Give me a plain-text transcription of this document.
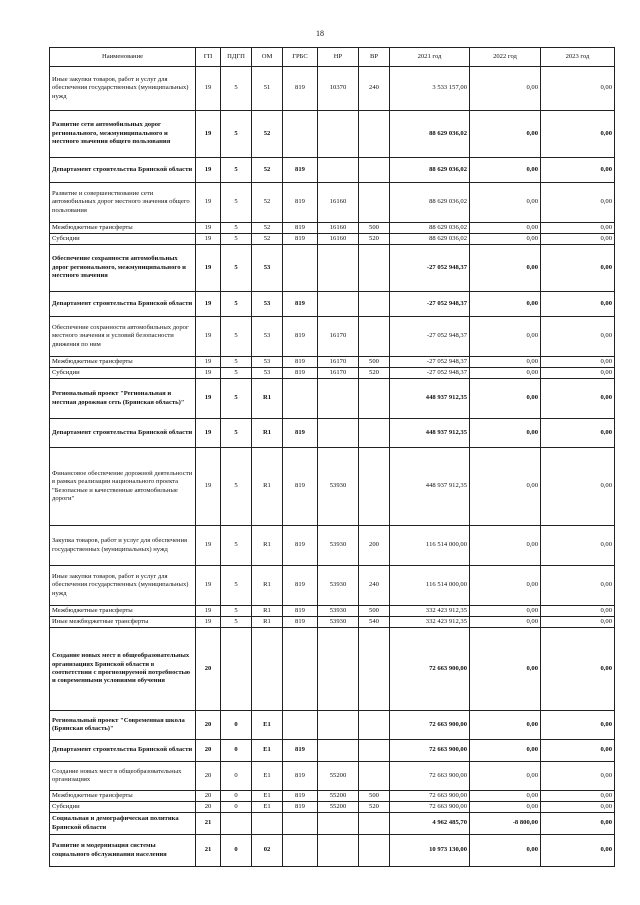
18
Наименование	ГП	ПДГП	ОМ	ГРБС	НР	ВР	2021 год	2022 год	2023 год
Иные закупки товаров, работ и услуг для обеспечения государственных (муниципальных) нужд	19	5	51	819	10370	240	3 533 157,00	0,00	0,00
Развитие сети автомобильных дорог регионального, межмуниципального и местного значения общего пользования	19	5	52				88 629 036,02	0,00	0,00
Департамент строительства Брянской области	19	5	52	819			88 629 036,02	0,00	0,00
Развитие и совершенствование сети автомобильных дорог местного значения общего пользования	19	5	52	819	16160		88 629 036,02	0,00	0,00
Межбюджетные трансферты	19	5	52	819	16160	500	88 629 036,02	0,00	0,00
Субсидии	19	5	52	819	16160	520	88 629 036,02	0,00	0,00
Обеспечение сохранности автомобильных дорог регионального, межмуниципального и местного значения	19	5	53				-27 052 948,37	0,00	0,00
Департамент строительства Брянской области	19	5	53	819			-27 052 948,37	0,00	0,00
Обеспечение сохранности автомобильных дорог местного значения и условий безопасности движения по ним	19	5	53	819	16170		-27 052 948,37	0,00	0,00
Межбюджетные трансферты	19	5	53	819	16170	500	-27 052 948,37	0,00	0,00
Субсидии	19	5	53	819	16170	520	-27 052 948,37	0,00	0,00
Региональный проект "Региональная и местная дорожная сеть (Брянская область)"	19	5	R1				448 937 912,35	0,00	0,00
Департамент строительства Брянской области	19	5	R1	819			448 937 912,35	0,00	0,00
Финансовое обеспечение дорожной деятельности в рамках реализации национального проекта "Безопасные и качественные автомобильные дороги"	19	5	R1	819	53930		448 937 912,35	0,00	0,00
Закупка товаров, работ и услуг для обеспечения государственных (муниципальных) нужд	19	5	R1	819	53930	200	116 514 000,00	0,00	0,00
Иные закупки товаров, работ и услуг для обеспечения государственных (муниципальных) нужд	19	5	R1	819	53930	240	116 514 000,00	0,00	0,00
Межбюджетные трансферты	19	5	R1	819	53930	500	332 423 912,35	0,00	0,00
Иные межбюджетные трансферты	19	5	R1	819	53930	540	332 423 912,35	0,00	0,00
Создание новых мест в общеобразовательных организациях Брянской области в соответствии с прогнозируемой потребностью и современными условиями обучения	20						72 663 900,00	0,00	0,00
Региональный проект "Современная школа (Брянская область)"	20	0	E1				72 663 900,00	0,00	0,00
Департамент строительства Брянской области	20	0	E1	819			72 663 900,00	0,00	0,00
Создание новых мест в общеобразовательных организациях	20	0	E1	819	55200		72 663 900,00	0,00	0,00
Межбюджетные трансферты	20	0	E1	819	55200	500	72 663 900,00	0,00	0,00
Субсидии	20	0	E1	819	55200	520	72 663 900,00	0,00	0,00
Социальная и демографическая политика Брянской области	21						4 962 485,70	-8 800,00	0,00
Развитие и модернизация системы социального обслуживания населения	21	0	02				10 973 130,00	0,00	0,00
